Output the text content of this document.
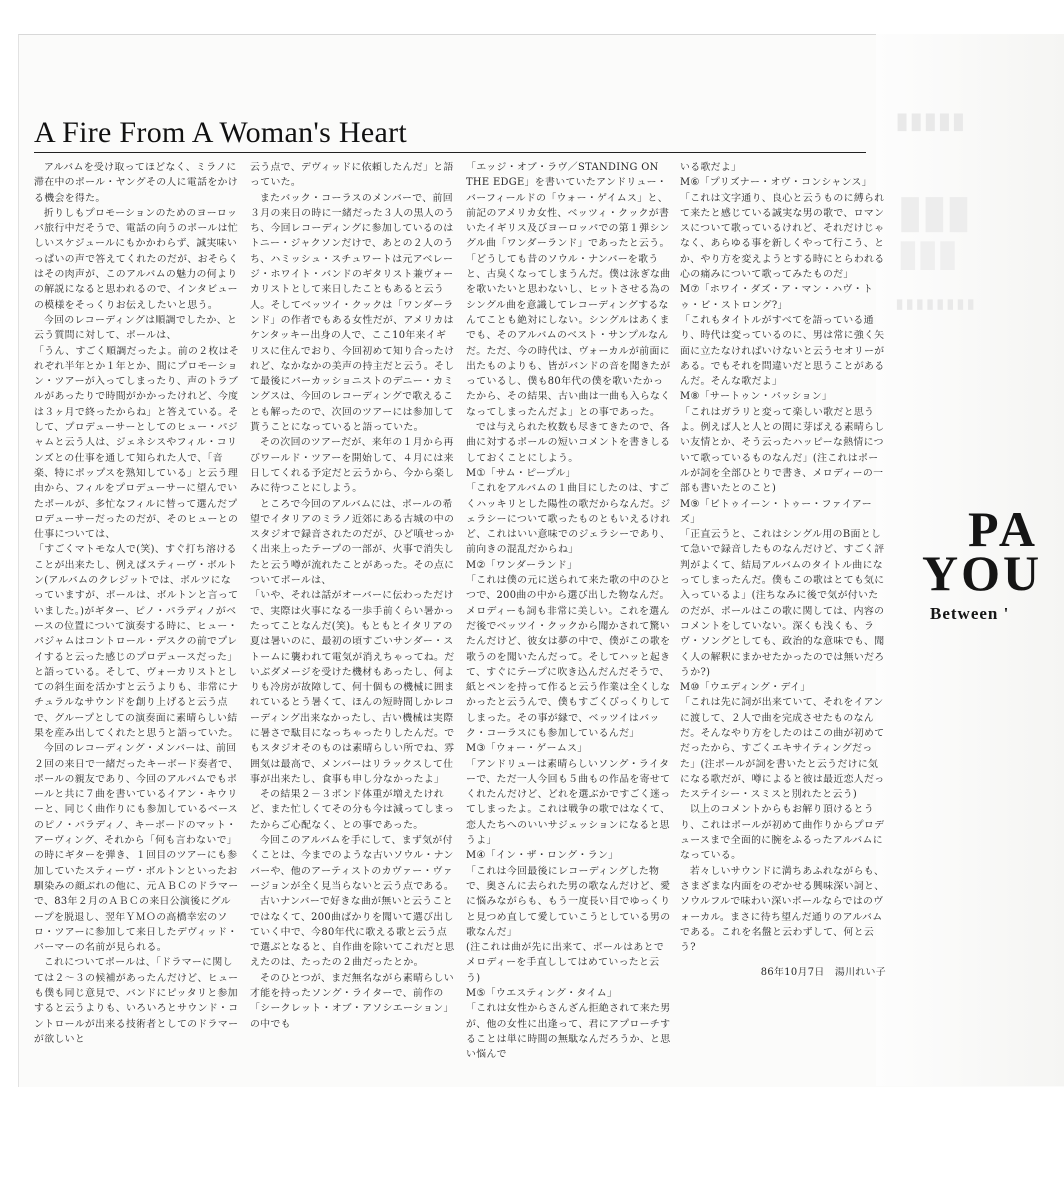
▮▮▮▮▮
▮▮▮
▮▮▮
▮▮▮▮▮▮▮▮
A Fire From A Woman's Heart

アルバムを受け取ってほどなく、ミラノに滞在中のポール・ヤングその人に電話をかける機会を得た。

折りしもプロモーションのためのヨーロッパ旅行中だそうで、電話の向うのポールは忙しいスケジュールにもかかわらず、誠実味いっぱいの声で答えてくれたのだが、おそらくはその肉声が、このアルバムの魅力の何よりの解説になると思われるので、インタビューの模様をそっくりお伝えしたいと思う。

今回のレコーディングは順調でしたか、と云う質問に対して、ポールは、

「うん、すごく順調だったよ。前の２枚はそれぞれ半年とか１年とか、間にプロモーション・ツアーが入ってしまったり、声のトラブルがあったりで時間がかかったけれど、今度は３ヶ月で終ったからね」と答えている。そして、プロデューサーとしてのヒュー・パジャムと云う人は、ジェネシスやフィル・コリンズとの仕事を通して知られた人で、「音楽、特にポップスを熟知している」と云う理由から、フィルをプロデューサーに望んでいたポールが、多忙なフィルに替って選んだプロデューサーだったのだが、そのヒューとの仕事については、

「すごくマトモな人で(笑)、すぐ打ち溶けることが出来たし、例えばスティーヴ・ボルトン(アルバムのクレジットでは、ボルツになっていますが、ポールは、ボルトンと言っていました。)がギター、ピノ・パラディノがベースの位置について演奏する時に、ヒュー・パジャムはコントロール・デスクの前でプレイすると云った感じのプロデュースだった」と語っている。そして、ヴォーカリストとしての斜生面を活かすと云うよりも、非常にナチュラルなサウンドを創り上げると云う点で、グループとしての演奏面に素晴らしい結果を産み出してくれたと思うと語っていた。

今回のレコーディング・メンバーは、前回２回の来日で一緒だったキーボード奏者で、ポールの親友であり、今回のアルバムでもポールと共に７曲を書いているイアン・キウリーと、同じく曲作りにも参加しているベースのピノ・パラディノ、キーボードのマット・アーヴィング、それから「何も言わないで」の時にギターを弾き、１回目のツアーにも参加していたスティーヴ・ボルトンといったお馴染みの顔ぶれの他に、元ＡＢＣのドラマーで、83年２月のＡＢＣの来日公演後にグループを脱退し、翌年ＹＭＯの高橋幸宏のソロ・ツアーに参加して来日したデヴィッド・パーマーの名前が見られる。

これについてポールは、「ドラマーに関しては２～３の候補があったんだけど、ヒューも僕も同じ意見で、バンドにピッタリと参加すると云うよりも、いろいろとサウンド・コントロールが出来る技術者としてのドラマーが欲しいと

云う点で、デヴィッドに依頼したんだ」と語っていた。

またバック・コーラスのメンバーで、前回３月の来日の時に一緒だった３人の黒人のうち、今回レコーディングに参加しているのはトニー・ジャクソンだけで、あとの２人のうち、ハミッシュ・スチュワートは元アベレージ・ホワイト・バンドのギタリスト兼ヴォーカリストとして来日したこともあると云う人。そしてベッツイ・クックは「ワンダーランド」の作者でもある女性だが、アメリカはケンタッキー出身の人で、ここ10年来イギリスに住んでおり、今回初めて知り合ったけれど、なかなかの美声の持主だと云う。そして最後にパーカッショニストのデニー・カミングスは、今回のレコーディングで歌えることも解ったので、次回のツアーには参加して貰うことになっていると語っていた。

その次回のツアーだが、来年の１月から再びワールド・ツアーを開始して、４月には来日してくれる予定だと云うから、今から楽しみに待つことにしよう。

ところで今回のアルバムには、ポールの希望でイタリアのミラノ近郊にある古城の中のスタジオで録音されたのだが、ひど嗔せっかく出来上ったテープの一部が、火事で消失したと云う噂が流れたことがあった。その点についてポールは、

「いや、それは話がオーバーに伝わっただけで、実際は火事になる一歩手前くらい暑かったってことなんだ(笑)。もともとイタリアの夏は暑いのに、最初の頃すごいサンダー・ストームに襲われて電気が消えちゃってね。だいぶダメージを受けた機材もあったし、何よりも冷房が故障して、何十個もの機械に囲まれているとう暑くて、ほんの短時間しかレコーディング出来なかったし、古い機械は実際に暑さで駄目になっちゃったりしたんだ。でもスタジオそのものは素晴らしい所でね、雰囲気は最高で、メンバーはリラックスして仕事が出来たし、食事も申し分なかったよ」

その結果２－３ポンド体重が増えたけれど、また忙しくてその分も今は減ってしまったからご心配なく、との事であった。

今回このアルバムを手にして、まず気が付くことは、今までのような古いソウル・ナンバーや、他のアーティストのカヴァー・ヴァージョンが全く見当らないと云う点である。

古いナンバーで好きな曲が無いと云うことではなくて、200曲ばかりを聞いて選び出していく中で、今80年代に歌える歌と云う点で選ぶとなると、自作曲を除いてこれだと思えたのは、たったの２曲だったとか。

そのひとつが、まだ無名ながら素晴らしい才能を持ったソング・ライターで、前作の「シークレット・オブ・アソシエーション」の中でも

「エッジ・オブ・ラヴ／STANDING ON THE EDGE」を書いていたアンドリュー・バーフィールドの「ウォー・ゲイムス」と、前記のアメリカ女性、ベッツィ・クックが書いたイギリス及びヨーロッパでの第１弾シングル曲「ワンダーランド」であったと云う。

「どうしても昔のソウル・ナンバーを歌うと、古臭くなってしまうんだ。僕は泳ぎな曲を歌いたいと思わないし、ヒットさせる為のシングル曲を意識してレコーディングするなんてことも絶対にしない。シングルはあくまでも、そのアルバムのベスト・サンプルなんだ。ただ、今の時代は、ヴォーカルが前面に出たものよりも、皆がバンドの音を聞きたがっているし、僕も80年代の僕を歌いたかったから、その結果、古い曲は一曲も入らなくなってしまったんだよ」との事であった。

では与えられた枚数も尽きてきたので、各曲に対するポールの短いコメントを書きしるしておくことにしよう。

M①「サム・ピープル」

「これをアルバムの１曲目にしたのは、すごくハッキリとした陽性の歌だからなんだ。ジェラシーについて歌ったものともいえるけれど、これはいい意味でのジェラシーであり、前向きの混乱だからね」

M②「ワンダーランド」

「これは僕の元に送られて来た歌の中のひとつで、200曲の中から選び出した物なんだ。メロディーも詞も非常に美しい。これを選んだ後でベッツイ・クックから聞かされて驚いたんだけど、彼女は夢の中で、僕がこの歌を歌うのを聞いたんだって。そしてハッと起きて、すぐにテープに吹き込んだんだそうで、紙とペンを持って作ると云う作業は全くしなかったと云うんで、僕もすごくびっくりしてしまった。その事が縁で、ベッツイはバック・コーラスにも参加しているんだ」

M③「ウォー・ゲームス」

「アンドリューは素晴らしいソング・ライターで、ただ一人今回も５曲もの作品を寄せてくれたんだけど、どれを選ぶかですごく迷ってしまったよ。これは戦争の歌ではなくて、恋人たちへのいいサジェッションになると思うよ」

M④「イン・ザ・ロング・ラン」

「これは今回最後にレコーディングした物で、奥さんに去られた男の歌なんだけど、愛に悩みながらも、もう一度長い目でゆっくりと見つめ直して愛していこうとしている男の歌なんだ」

(注これは曲が先に出来て、ポールはあとでメロディーを手直ししてはめていったと云う)

M⑤「ウエスティング・タイム」

「これは女性からさんざん拒絶されて来た男が、他の女性に出逢って、君にアプローチすることは単に時間の無駄なんだろうか、と思い悩んで

いる歌だよ」

M⑥「プリズナー・オヴ・コンシャンス」

「これは文字通り、良心と云うものに縛られて来たと感じている誠実な男の歌で、ロマンスについて歌っているけれど、それだけじゃなく、あらゆる事を新しくやって行こう、とか、やり方を変えようとする時にとらわれる心の痛みについて歌ってみたものだ」

M⑦「ホワイ・ダズ・ア・マン・ハヴ・トゥ・ビ・ストロング?」

「これもタイトルがすべてを語っている通り、時代は変っているのに、男は常に強く矢面に立たなければいけないと云うセオリーがある。でもそれを問違いだと思うことがあるんだ。そんな歌だよ」

M⑧「サートゥン・パッション」

「これはガラリと変って楽しい歌だと思うよ。例えば人と人との間に芽ばえる素晴らしい友情とか、そう云ったハッピーな熱情について歌っているものなんだ」(注これはポールが詞を全部ひとりで書き、メロディーの一部も書いたとのこと)

M⑨「ビトゥイーン・トゥー・ファイアーズ」

「正直云うと、これはシングル用のB面として急いで録音したものなんだけど、すごく評判がよくて、結局アルバムのタイトル曲になってしまったんだ。僕もこの歌はとても気に入っているよ」(注ちなみに後で気が付いたのだが、ポールはこの歌に関しては、内容のコメントをしていない。深くも浅くも、ラヴ・ソングとしても、政治的な意味でも、聞く人の解釈にまかせたかったのでは無いだろうか?)

M⑩「ウエディング・デイ」

「これは先に詞が出来ていて、それをイアンに渡して、２人で曲を完成させたものなんだ。そんなやり方をしたのはこの曲が初めてだったから、すごくエキサイティングだった」(注ポールが詞を書いたと云うだけに気になる歌だが、噂によると彼は最近恋人だったステイシー・スミスと別れたと云う)

以上のコメントからもお解り頂けるとうり、これはポールが初めて曲作りからプロデュースまで全面的に腕をふるったアルバムになっている。

若々しいサウンドに満ちあふれながらも、さまざまな内面をのぞかせる興味深い詞と、ソウルフルで味わい深いポールならではのヴォーカル。まさに待ち望んだ通りのアルバムである。これを名盤と云わずして、何と云う?

86年10月7日　湯川れい子

PA
YOU
Between '
